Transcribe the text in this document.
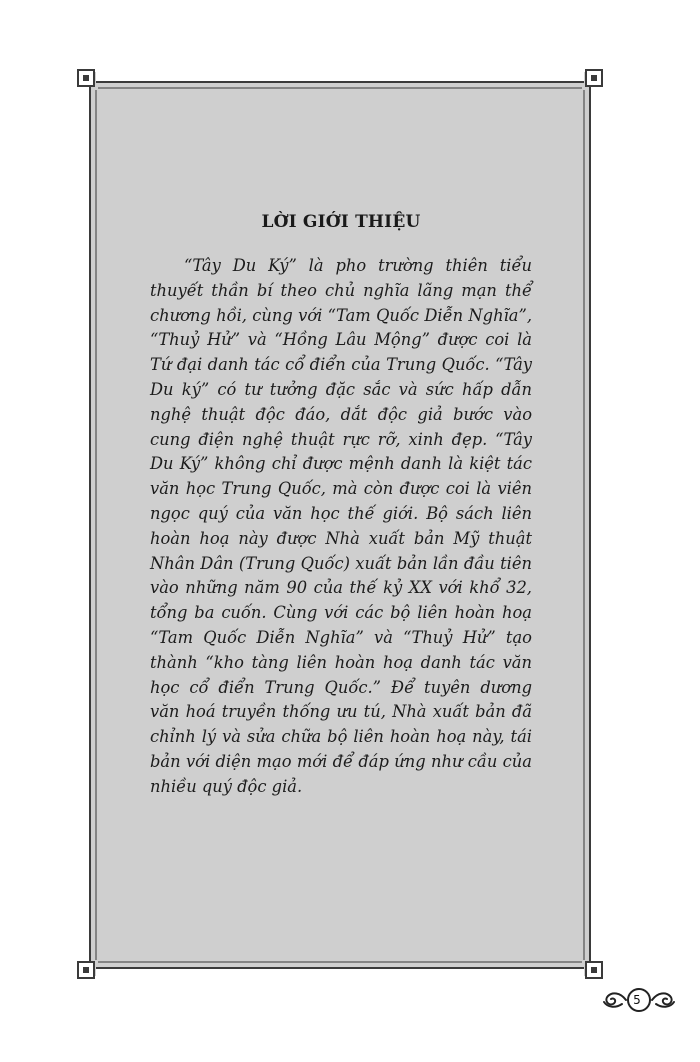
LỜI GIỚI THIỆU

“Tây Du Ký” là pho trường thiên tiểu thuyết thần bí theo chủ nghĩa lãng mạn thể chương hồi, cùng với “Tam Quốc Diễn Nghĩa”, “Thuỷ Hử” và “Hồng Lâu Mộng” được coi là Tứ đại danh tác cổ điển của Trung Quốc. “Tây Du ký” có tư tưởng đặc sắc và sức hấp dẫn nghệ thuật độc đáo, dắt độc giả bước vào cung điện nghệ thuật rực rỡ, xinh đẹp. “Tây Du Ký” không chỉ được mệnh danh là kiệt tác văn học Trung Quốc, mà còn được coi là viên ngọc quý của văn học thế giới. Bộ sách liên hoàn hoạ này được Nhà xuất bản Mỹ thuật Nhân Dân (Trung Quốc) xuất bản lần đầu tiên vào những năm 90 của thế kỷ XX với khổ 32, tổng ba cuốn. Cùng với các bộ liên hoàn hoạ “Tam Quốc Diễn Nghĩa” và “Thuỷ Hử” tạo thành “kho tàng liên hoàn hoạ danh tác văn học cổ điển Trung Quốc.” Để tuyên dương văn hoá truyền thống ưu tú, Nhà xuất bản đã chỉnh lý và sửa chữa bộ liên hoàn hoạ này, tái bản với diện mạo mới để đáp ứng như cầu của nhiều quý độc giả.

5
